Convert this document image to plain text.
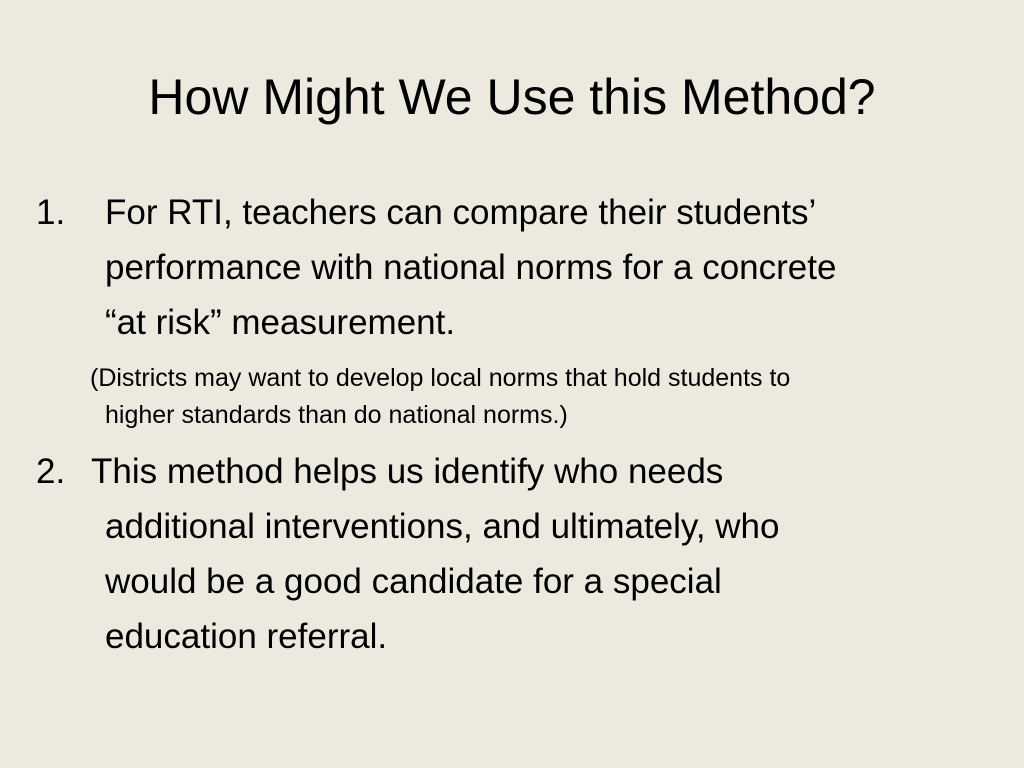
How Might We Use this Method?
1. For RTI, teachers can compare their students’
performance with national norms for a concrete
“at risk” measurement.
(Districts may want to develop local norms that hold students to
higher standards than do national norms.)
2. This method helps us identify who needs
additional interventions, and ultimately, who
would be a good candidate for a special
education referral.
